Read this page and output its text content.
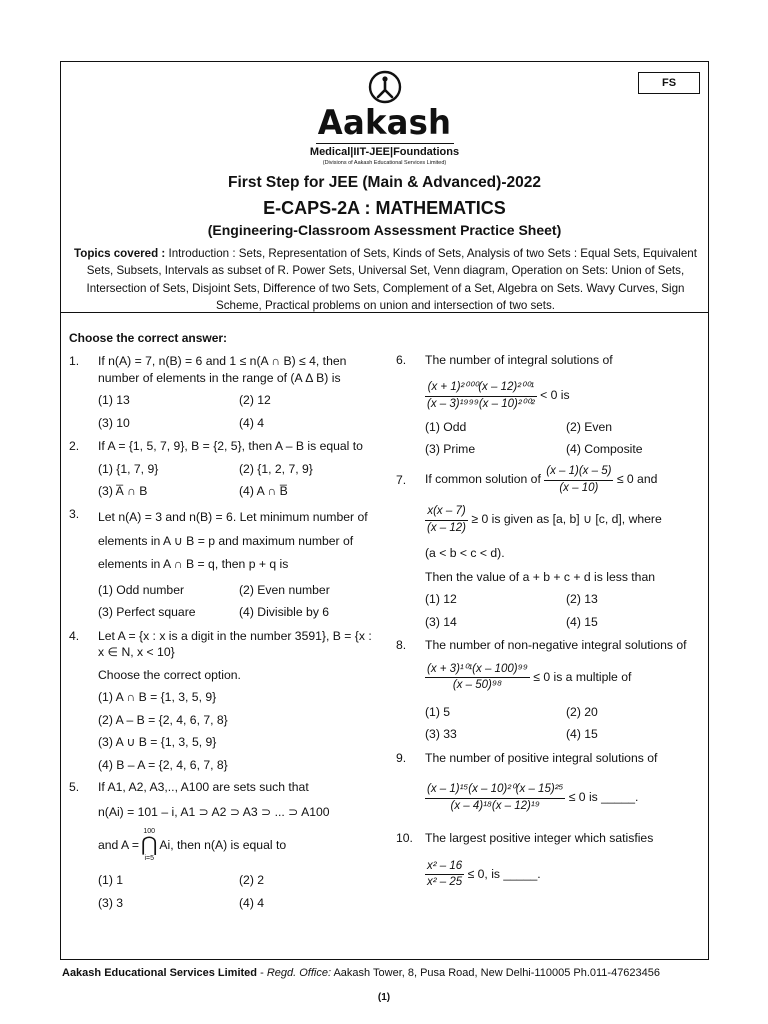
FS
Aakash
Medical|IIT-JEE|Foundations
(Divisions of Aakash Educational Services Limited)
First Step for JEE (Main & Advanced)-2022
E-CAPS-2A : MATHEMATICS
(Engineering-Classroom Assessment Practice Sheet)
Topics covered : Introduction : Sets, Representation of Sets, Kinds of Sets, Analysis of two Sets : Equal Sets, Equivalent Sets, Subsets, Intervals as subset of R. Power Sets, Universal Set, Venn diagram, Operation on Sets: Union of Sets, Intersection of Sets, Disjoint Sets, Difference of two Sets, Complement of a Set, Algebra on Sets. Wavy Curves, Sign Scheme, Practical problems on union and intersection of two sets.
Choose the correct answer:
1.	If n(A) = 7, n(B) = 6 and 1 ≤ n(A ∩ B) ≤ 4, then number of elements in the range of (A Δ B) is
(1) 13	(2) 12
(3) 10	(4) 4
2.	If A = {1, 5, 7, 9}, B = {2, 5}, then A – B is equal to
(1) {1, 7, 9}	(2) {1, 2, 7, 9}
(3) A̅ ∩ B	(4) A ∩ B̅
3.	Let n(A) = 3 and n(B) = 6. Let minimum number of elements in A ∪ B = p and maximum number of elements in A ∩ B = q, then p + q is
(1) Odd number	(2) Even number
(3) Perfect square	(4) Divisible by 6
4.	Let A = {x : x is a digit in the number 3591}, B = {x : x ∈ N, x < 10}
Choose the correct option.
(1) A ∩ B = {1, 3, 5, 9}
(2) A – B = {2, 4, 6, 7, 8}
(3) A ∪ B = {1, 3, 5, 9}
(4) B – A = {2, 4, 6, 7, 8}
5.	If A1, A2, A3,.., A100 are sets such that
n(Ai) = 101 – i, A1 ⊃ A2 ⊃ A3 ⊃ ... ⊃ A100
and A =
100
⋂
i=5
Ai, then n(A) is equal to
(1) 1	(2) 2
(3) 3	(4) 4
6.	The number of integral solutions of
$\frac{\text{(x + 1)²⁰⁰⁰(x – 12)²⁰⁰¹}}{\text{(x – 3)¹⁹⁹⁹(x – 10)²⁰⁰²}} < 0$ is
(1) Odd	(2) Even
(3) Prime	(4) Composite
7.	If common solution of $\frac{(x - 1)(x - 5)}{(x - 10)} \le 0$ and
$\frac{x(x - 7)}{(x - 12)} \ge 0$ is given as [a, b] ∪ [c, d], where
(a < b < c < d).
Then the value of a + b + c + d is less than
(1) 12	(2) 13
(3) 14	(4) 15
8.	The number of non-negative integral solutions of
$\frac{\text{(x + 3)¹⁰¹(x – 100)⁹⁹}}{\text{(x – 50)⁹⁸}} \le 0$ is a multiple of
(1) 5	(2) 20
(3) 33	(4) 15
9.	The number of positive integral solutions of
$\frac{\text{(x – 1)¹⁵(x – 10)²⁰(x – 15)²⁵}}{\text{(x – 4)¹⁸(x – 12)¹⁹}} \le 0$ is _____.
10. The largest positive integer which satisfies
$\frac{\text{x² – 16}}{\text{x² – 25}} \le 0$, is _____.
Aakash Educational Services Limited - Regd. Office: Aakash Tower, 8, Pusa Road, New Delhi-110005 Ph.011-47623456
(1)
